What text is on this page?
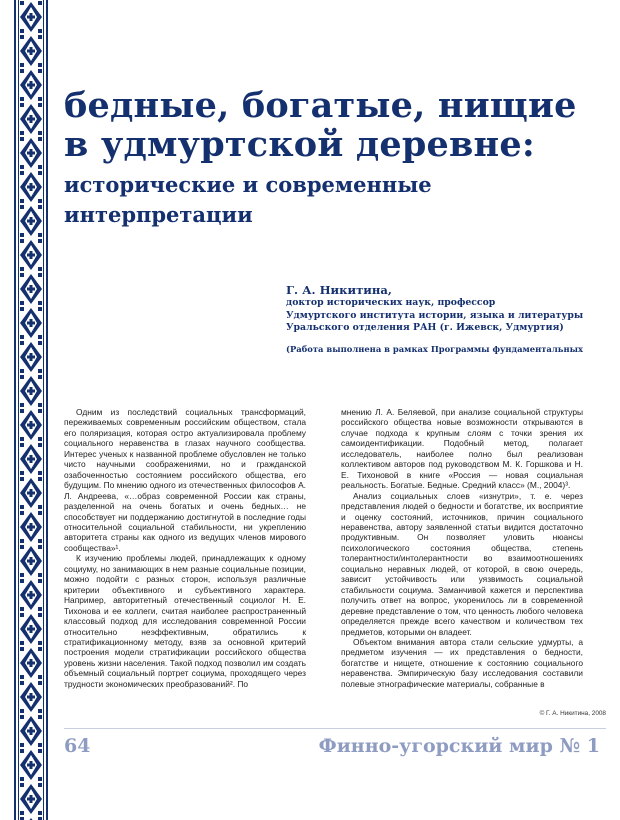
бедные, богатые, нищие
в удмуртской деревне:
исторические и современные
интерпретации
Г. А. Никитина,
доктор исторических наук, профессор
Удмуртского института истории, языка и литературы
Уральского отделения РАН (г. Ижевск, Удмуртия)
(Работа выполнена в рамках Программы фундаментальных

Одним из последствий социальных трансформаций, переживаемых современным российским обществом, стала его поляризация, которая остро актуализировала проблему социального неравенства в глазах научного сообщества. Интерес ученых к названной проблеме обусловлен не только чисто научными соображениями, но и гражданской озабоченностью состоянием российского общества, его будущим. По мнению одного из отечественных философов А. Л. Андреева, «…образ современной России как страны, разделенной на очень богатых и очень бедных… не способствует ни поддержанию достигнутой в последние годы относительной социальной стабильности, ни укреплению авторитета страны как одного из ведущих членов мирового сообщества»¹.

К изучению проблемы людей, принадлежащих к одному социуму, но занимающих в нем разные социальные позиции, можно подойти с разных сторон, используя различные критерии объективного и субъективного характера. Например, авторитетный отечественный социолог Н. Е. Тихонова и ее коллеги, считая наиболее распространенный классовый подход для исследования современной России относительно неэффективным, обратились к стратификационному методу, взяв за основной критерий построения модели стратификации российского общества уровень жизни населения. Такой подход позволил им создать объемный социальный портрет социума, проходящего через трудности экономических преобразований². По

мнению Л. А. Беляевой, при анализе социальной структуры российского общества новые возможности открываются в случае подхода к крупным слоям с точки зрения их самоидентификации. Подобный метод, полагает исследователь, наиболее полно был реализован коллективом авторов под руководством М. К. Горшкова и Н. Е. Тихоновой в книге «Россия — новая социальная реальность. Богатые. Бедные. Средний класс» (М., 2004)³.

Анализ социальных слоев «изнутри», т. е. через представления людей о бедности и богатстве, их восприятие и оценку состояний, источников, причин социального неравенства, автору заявленной статьи видится достаточно продуктивным. Он позволяет уловить нюансы психологического состояния общества, степень толерантности/интолерантности во взаимоотношениях социально неравных людей, от которой, в свою очередь, зависит устойчивость или уязвимость социальной стабильности социума. Заманчивой кажется и перспектива получить ответ на вопрос, укоренилось ли в современной деревне представление о том, что ценность любого человека определяется прежде всего качеством и количеством тех предметов, которыми он владеет.

Объектом внимания автора стали сельские удмурты, а предметом изучения — их представления о бедности, богатстве и нищете, отношение к состоянию социального неравенства. Эмпирическую базу исследования составили полевые этнографические материалы, собранные в

© Г. А. Никитина, 2008
64	Финно-угорский мир № 1
